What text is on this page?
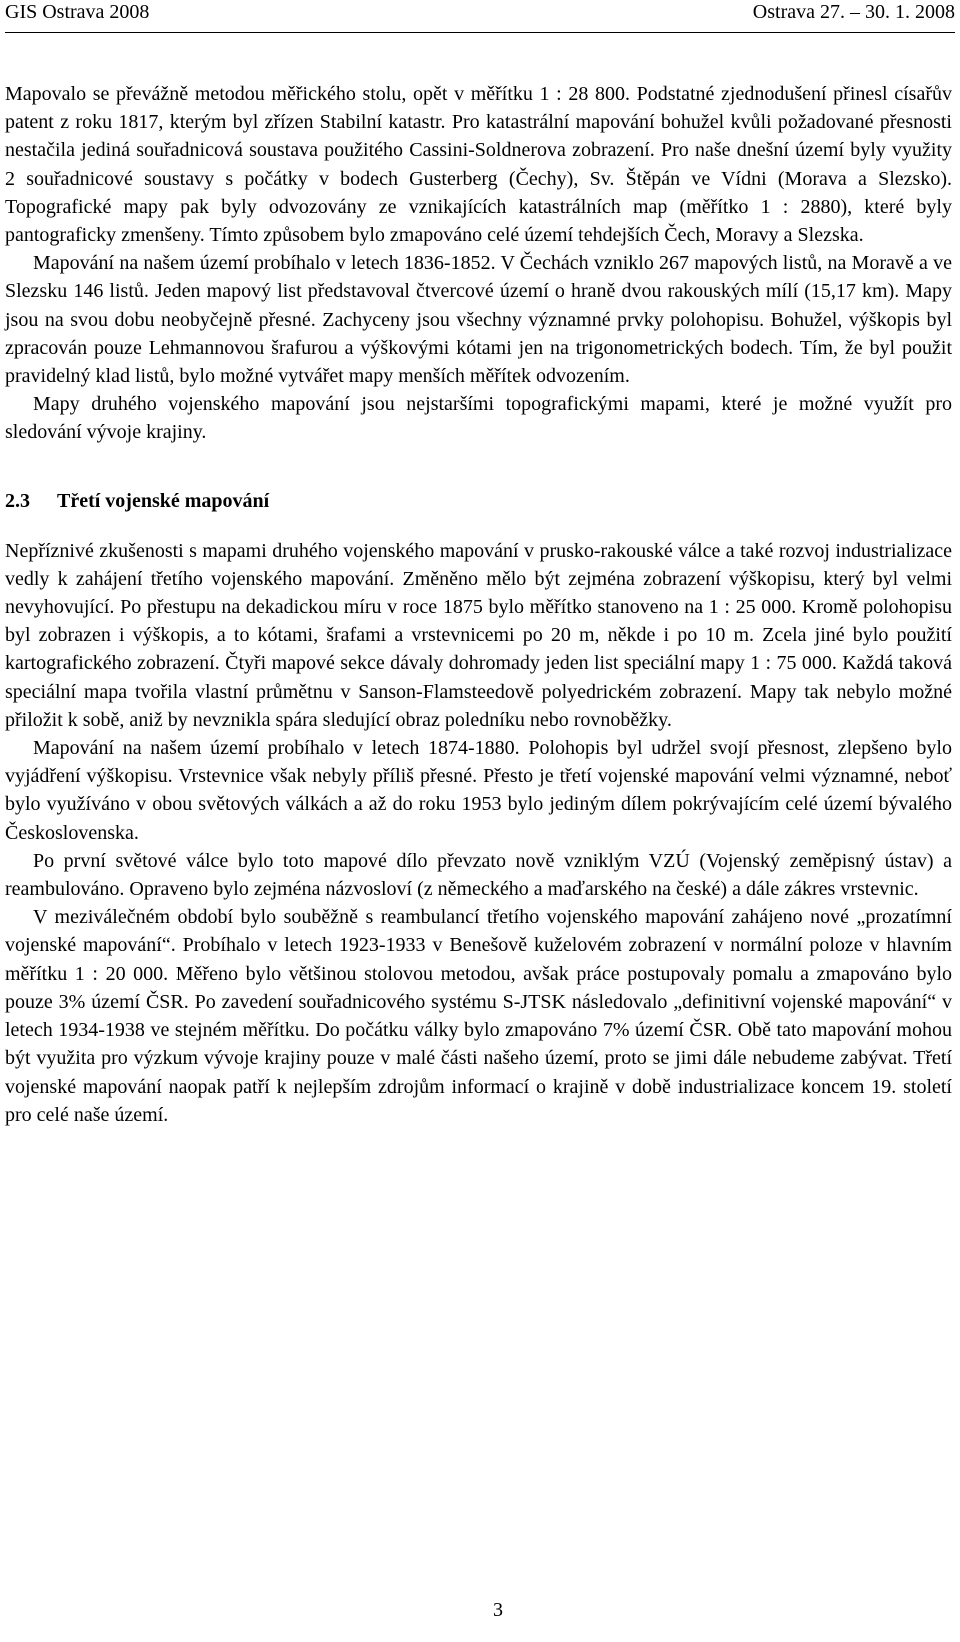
GIS Ostrava 2008	Ostrava 27. – 30. 1. 2008

Mapovalo se převážně metodou měřického stolu, opět v měřítku 1 : 28 800. Podstatné zjednodušení přinesl císařův patent z roku 1817, kterým byl zřízen Stabilní katastr. Pro katastrální mapování bohužel kvůli požadované přesnosti nestačila jediná souřadnicová soustava použitého Cassini-Soldnerova zobrazení. Pro naše dnešní území byly využity 2 souřadnicové soustavy s počátky v bodech Gusterberg (Čechy), Sv. Štěpán ve Vídni (Morava a Slezsko). Topografické mapy pak byly odvozovány ze vznikajících katastrálních map (měřítko 1 : 2880), které byly pantograficky zmenšeny. Tímto způsobem bylo zmapováno celé území tehdejších Čech, Moravy a Slezska.

Mapování na našem území probíhalo v letech 1836-1852. V Čechách vzniklo 267 mapových listů, na Moravě a ve Slezsku 146 listů. Jeden mapový list představoval čtvercové území o hraně dvou rakouských mílí (15,17 km). Mapy jsou na svou dobu neobyčejně přesné. Zachyceny jsou všechny významné prvky polohopisu. Bohužel, výškopis byl zpracován pouze Lehmannovou šrafurou a výškovými kótami jen na trigonometrických bodech. Tím, že byl použit pravidelný klad listů, bylo možné vytvářet mapy menších měřítek odvozením.

Mapy druhého vojenského mapování jsou nejstaršími topografickými mapami, které je možné využít pro sledování vývoje krajiny.

2.3 Třetí vojenské mapování

Nepříznivé zkušenosti s mapami druhého vojenského mapování v prusko-rakouské válce a také rozvoj industrializace vedly k zahájení třetího vojenského mapování. Změněno mělo být zejména zobrazení výškopisu, který byl velmi nevyhovující. Po přestupu na dekadickou míru v roce 1875 bylo měřítko stanoveno na 1 : 25 000. Kromě polohopisu byl zobrazen i výškopis, a to kótami, šrafami a vrstevnicemi po 20 m, někde i po 10 m. Zcela jiné bylo použití kartografického zobrazení. Čtyři mapové sekce dávaly dohromady jeden list speciální mapy 1 : 75 000. Každá taková speciální mapa tvořila vlastní průmětnu v Sanson-Flamsteedově polyedrickém zobrazení. Mapy tak nebylo možné přiložit k sobě, aniž by nevznikla spára sledující obraz poledníku nebo rovnoběžky.

Mapování na našem území probíhalo v letech 1874-1880. Polohopis byl udržel svojí přesnost, zlepšeno bylo vyjádření výškopisu. Vrstevnice však nebyly příliš přesné. Přesto je třetí vojenské mapování velmi významné, neboť bylo využíváno v obou světových válkách a až do roku 1953 bylo jediným dílem pokrývajícím celé území bývalého Československa.

Po první světové válce bylo toto mapové dílo převzato nově vzniklým VZÚ (Vojenský zeměpisný ústav) a reambulováno. Opraveno bylo zejména názvosloví (z německého a maďarského na české) a dále zákres vrstevnic.

V meziválečném období bylo souběžně s reambulancí třetího vojenského mapování zahájeno nové „prozatímní vojenské mapování“. Probíhalo v letech 1923-1933 v Benešově kuželovém zobrazení v normální poloze v hlavním měřítku 1 : 20 000. Měřeno bylo většinou stolovou metodou, avšak práce postupovaly pomalu a zmapováno bylo pouze 3% území ČSR. Po zavedení souřadnicového systému S-JTSK následovalo „definitivní vojenské mapování“ v letech 1934-1938 ve stejném měřítku. Do počátku války bylo zmapováno 7% území ČSR. Obě tato mapování mohou být využita pro výzkum vývoje krajiny pouze v malé části našeho území, proto se jimi dále nebudeme zabývat. Třetí vojenské mapování naopak patří k nejlepším zdrojům informací o krajině v době industrializace koncem 19. století pro celé naše území.

3
